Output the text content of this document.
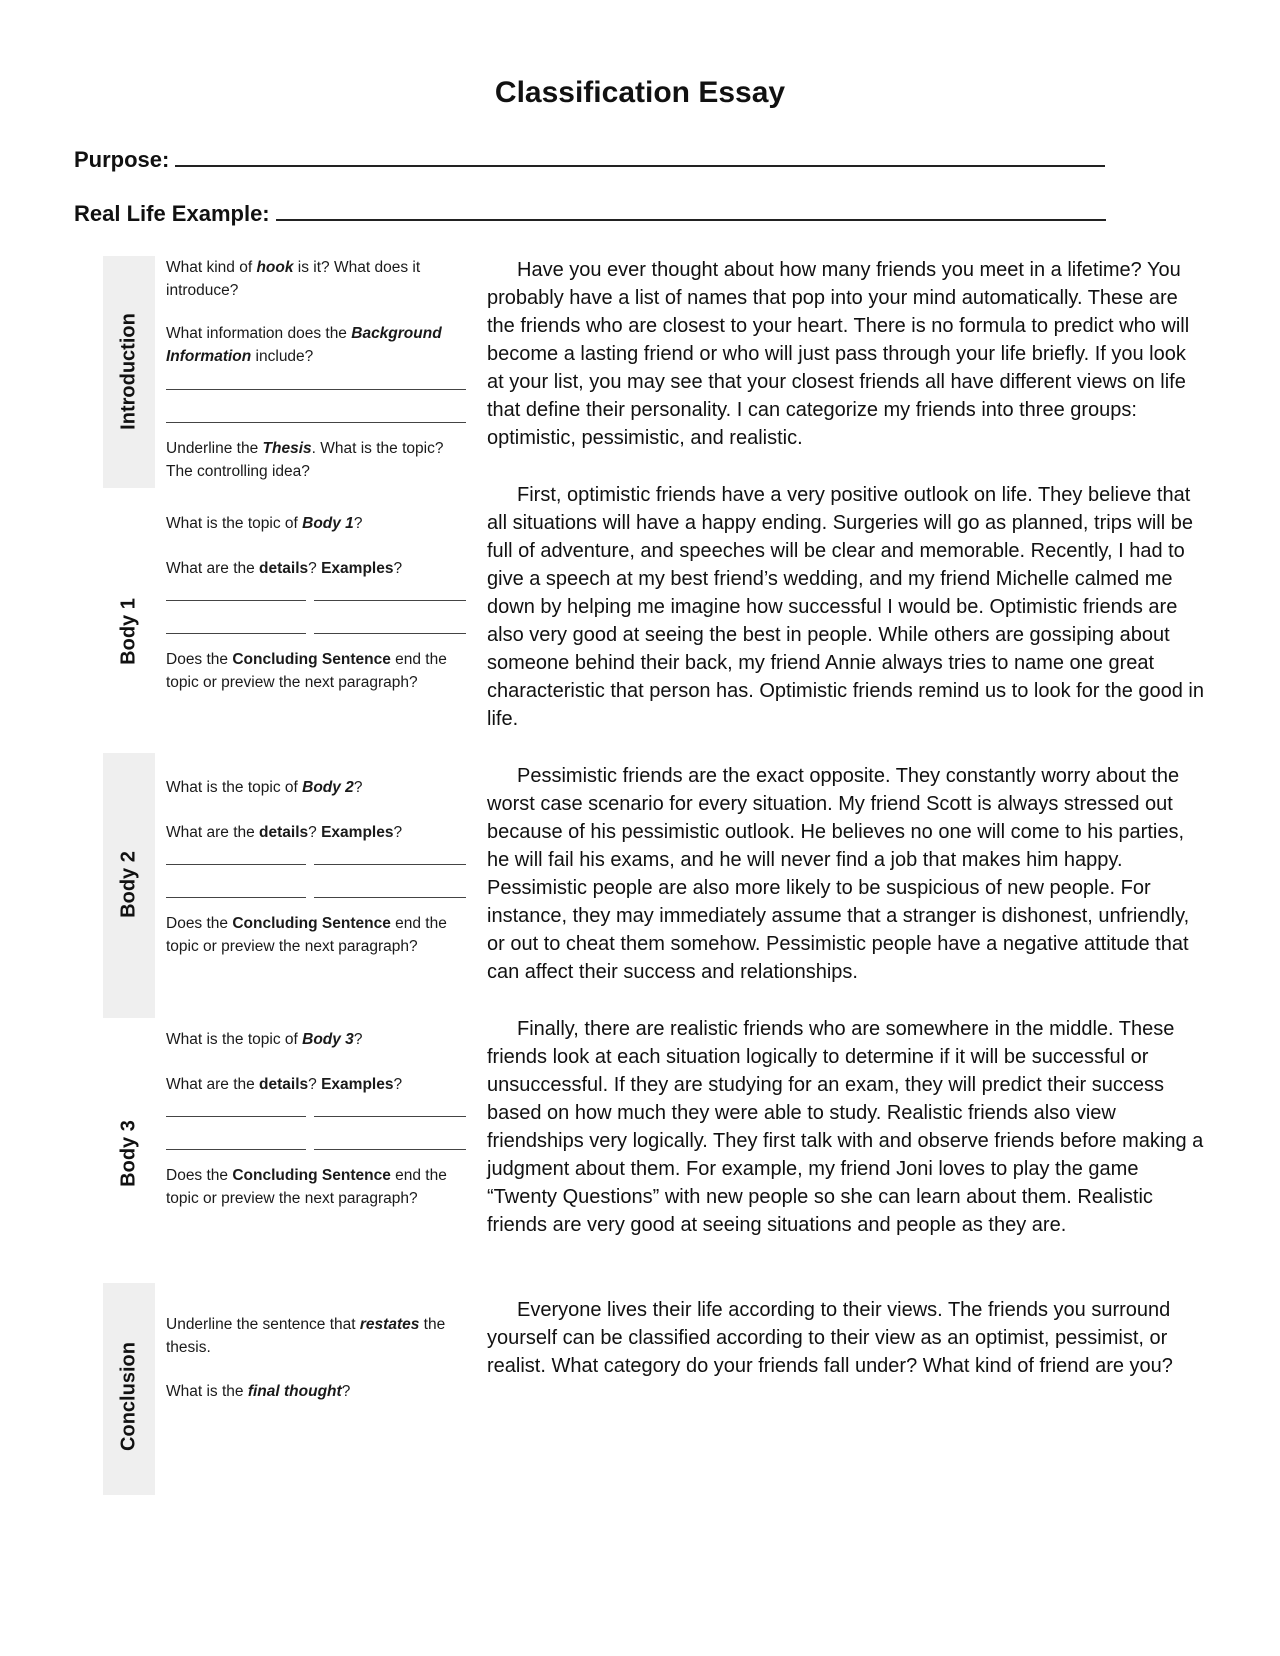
Classification Essay
Purpose:
Real Life Example:
Introduction
Body 1
Body 2
Body 3
Conclusion
What kind of hook is it? What does it introduce?
What information does the Background Information include?
Underline the Thesis. What is the topic? The controlling idea?
What is the topic of Body 1?
What are the details? Examples?
Does the Concluding Sentence end the topic or preview the next paragraph?
What is the topic of Body 2?
What are the details? Examples?
Does the Concluding Sentence end the topic or preview the next paragraph?
What is the topic of Body 3?
What are the details? Examples?
Does the Concluding Sentence end the topic or preview the next paragraph?
Underline the sentence that restates the thesis.
What is the final thought?

Have you ever thought about how many friends you meet in a lifetime? You probably have a list of names that pop into your mind automatically. These are the friends who are closest to your heart. There is no formula to predict who will become a lasting friend or who will just pass through your life briefly. If you look at your list, you may see that your closest friends all have different views on life that define their personality. I can categorize my friends into three groups: optimistic, pessimistic, and realistic.

First, optimistic friends have a very positive outlook on life. They believe that all situations will have a happy ending. Surgeries will go as planned, trips will be full of adventure, and speeches will be clear and memorable. Recently, I had to give a speech at my best friend’s wedding, and my friend Michelle calmed me down by helping me imagine how successful I would be. Optimistic friends are also very good at seeing the best in people. While others are gossiping about someone behind their back, my friend Annie always tries to name one great characteristic that person has. Optimistic friends remind us to look for the good in life.

Pessimistic friends are the exact opposite. They constantly worry about the worst case scenario for every situation. My friend Scott is always stressed out because of his pessimistic outlook. He believes no one will come to his parties, he will fail his exams, and he will never find a job that makes him happy. Pessimistic people are also more likely to be suspicious of new people. For instance, they may immediately assume that a stranger is dishonest, unfriendly, or out to cheat them somehow. Pessimistic people have a negative attitude that can affect their success and relationships.

Finally, there are realistic friends who are somewhere in the middle. These friends look at each situation logically to determine if it will be successful or unsuccessful. If they are studying for an exam, they will predict their success based on how much they were able to study. Realistic friends also view friendships very logically. They first talk with and observe friends before making a judgment about them. For example, my friend Joni loves to play the game “Twenty Questions” with new people so she can learn about them. Realistic friends are very good at seeing situations and people as they are.

Everyone lives their life according to their views. The friends you surround yourself can be classified according to their view as an optimist, pessimist, or realist. What category do your friends fall under? What kind of friend are you?
